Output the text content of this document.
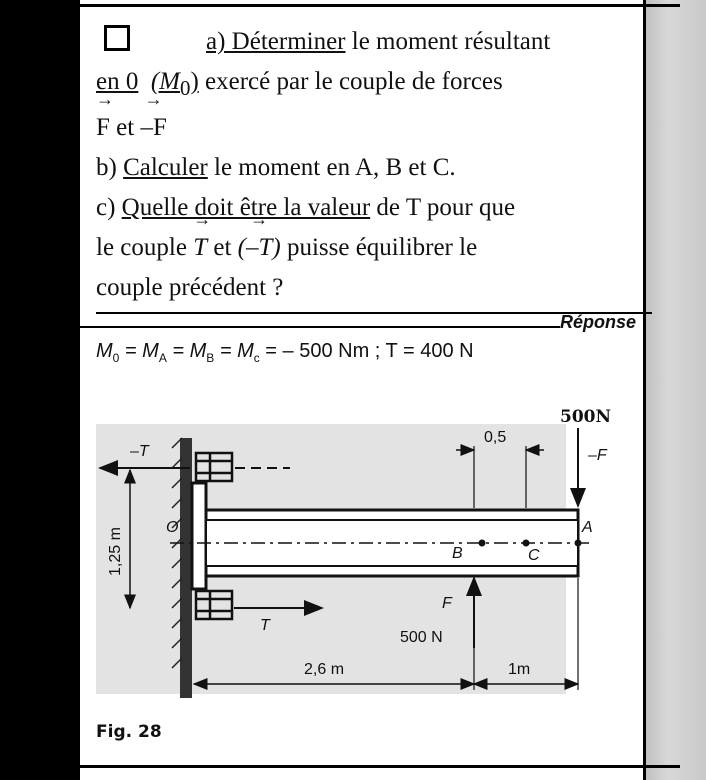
a) Déterminer le moment résultant

en 0 $(M_0)$ exercé par le couple de forces

→ F et → –F

b) Calculer le moment en A, B et C.

c) Quelle doit être la valeur de T pour que

le couple → T et → (–T) puisse équilibrer le

couple précédent ?

Réponse
$M_0 = M_A = M_B = M_c$ = – 500 Nm ; T = 400 N
O
B	C
A
–T
T
1,25 m
F
500 N
500N
–F
0,5
2,6 m	1m
Fig. 28
